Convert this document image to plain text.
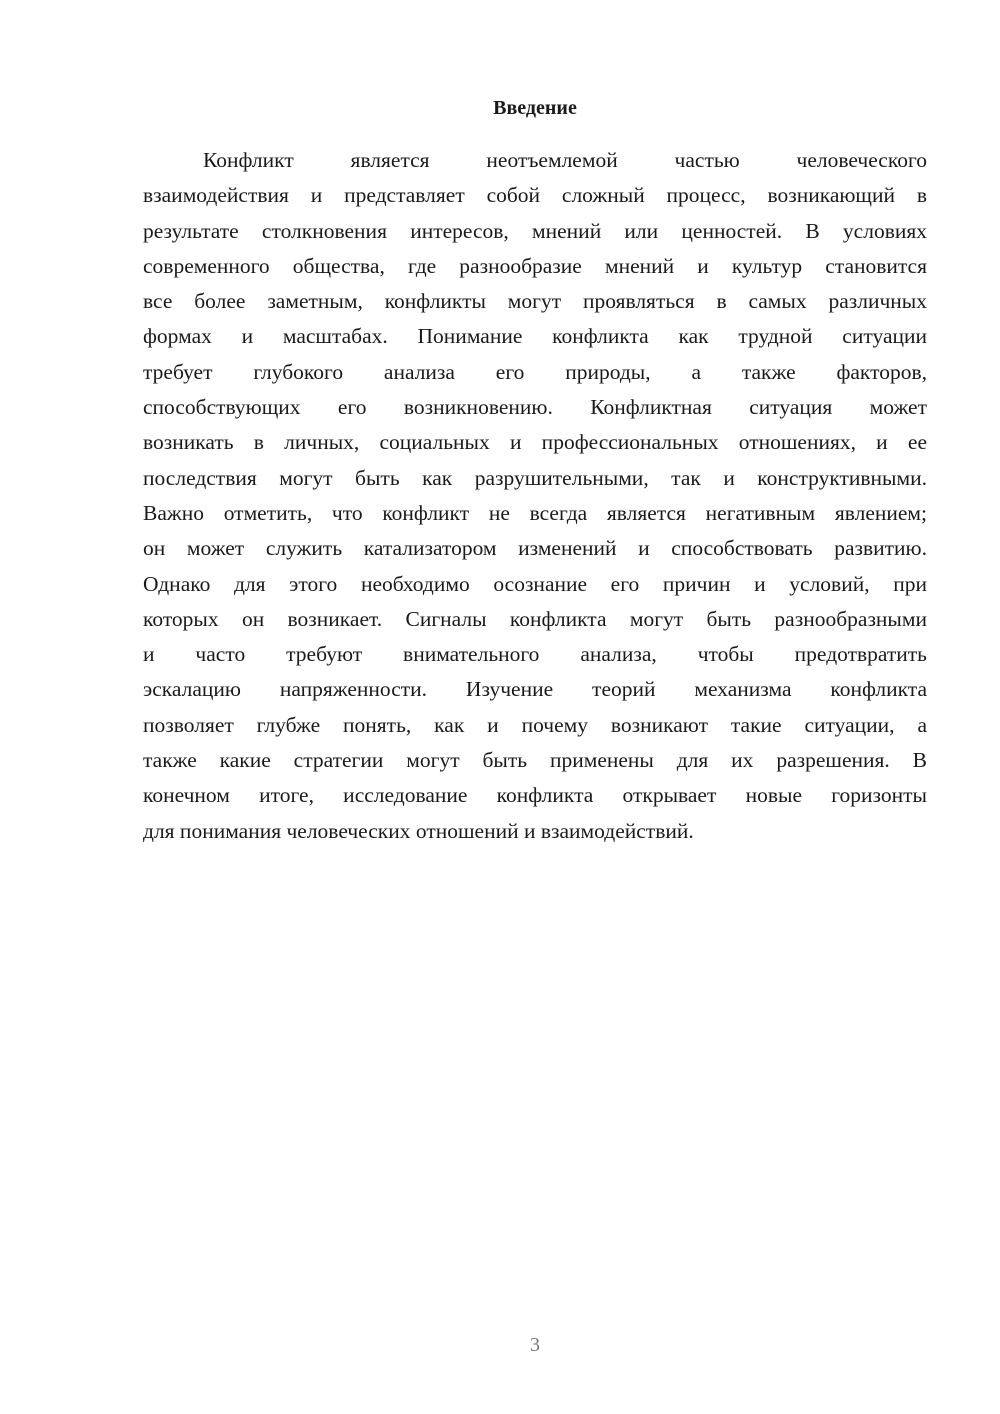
Введение
Конфликт является неотъемлемой частью человеческого
взаимодействия и представляет собой сложный процесс, возникающий в
результате столкновения интересов, мнений или ценностей. В условиях
современного общества, где разнообразие мнений и культур становится
все более заметным, конфликты могут проявляться в самых различных
формах и масштабах. Понимание конфликта как трудной ситуации
требует глубокого анализа его природы, а также факторов,
способствующих его возникновению. Конфликтная ситуация может
возникать в личных, социальных и профессиональных отношениях, и ее
последствия могут быть как разрушительными, так и конструктивными.
Важно отметить, что конфликт не всегда является негативным явлением;
он может служить катализатором изменений и способствовать развитию.
Однако для этого необходимо осознание его причин и условий, при
которых он возникает. Сигналы конфликта могут быть разнообразными
и часто требуют внимательного анализа, чтобы предотвратить
эскалацию напряженности. Изучение теорий механизма конфликта
позволяет глубже понять, как и почему возникают такие ситуации, а
также какие стратегии могут быть применены для их разрешения. В
конечном итоге, исследование конфликта открывает новые горизонты
для понимания человеческих отношений и взаимодействий.
3
